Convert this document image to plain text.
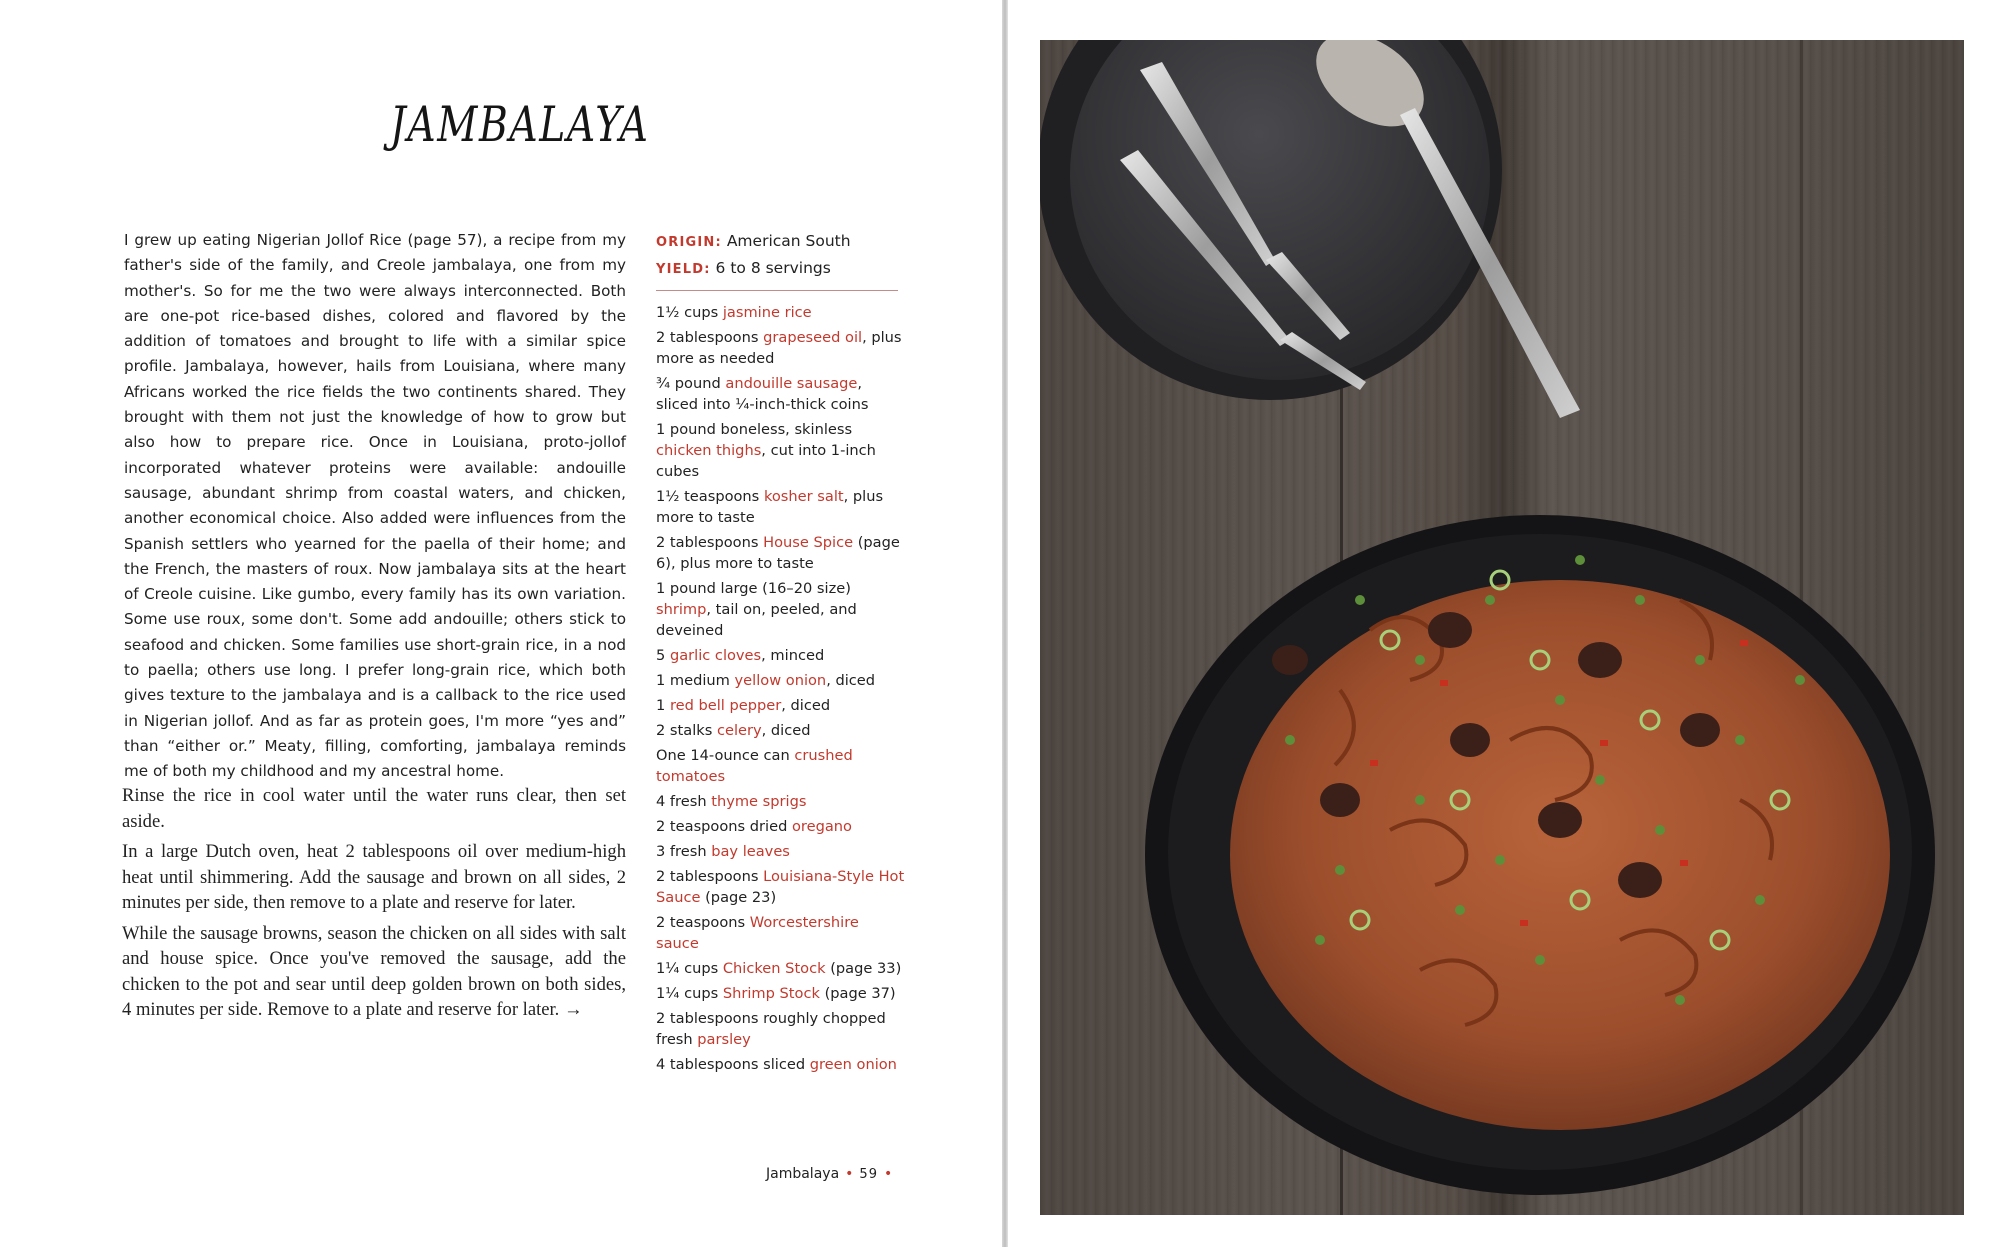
JAMBALAYA
I grew up eating Nigerian Jollof Rice (page 57), a recipe from my father's side of the family, and Creole jambalaya, one from my mother's. So for me the two were always interconnected. Both are one-pot rice-based dishes, colored and flavored by the addition of tomatoes and brought to life with a similar spice profile. Jambalaya, however, hails from Louisiana, where many Africans worked the rice fields the two continents shared. They brought with them not just the knowledge of how to grow but also how to prepare rice. Once in Louisiana, proto-jollof incorporated whatever proteins were available: andouille sausage, abundant shrimp from coastal waters, and chicken, another economical choice. Also added were influences from the Spanish settlers who yearned for the paella of their home; and the French, the masters of roux. Now jambalaya sits at the heart of Creole cuisine. Like gumbo, every family has its own variation. Some use roux, some don't. Some add andouille; others stick to seafood and chicken. Some families use short-grain rice, in a nod to paella; others use long. I prefer long-grain rice, which both gives texture to the jambalaya and is a callback to the rice used in Nigerian jollof. And as far as protein goes, I'm more “yes and” than “either or.” Meaty, filling, comforting, jambalaya reminds me of both my childhood and my ancestral home.
ORIGIN: American South
YIELD: 6 to 8 servings
1½ cups jasmine rice
2 tablespoons grapeseed oil, plus more as needed
¾ pound andouille sausage, sliced into ¼-inch-thick coins
1 pound boneless, skinless chicken thighs, cut into 1-inch cubes
1½ teaspoons kosher salt, plus more to taste
2 tablespoons House Spice (page 6), plus more to taste
1 pound large (16–20 size) shrimp, tail on, peeled, and deveined
5 garlic cloves, minced
1 medium yellow onion, diced
1 red bell pepper, diced
2 stalks celery, diced
One 14-ounce can crushed tomatoes
4 fresh thyme sprigs
2 teaspoons dried oregano
3 fresh bay leaves
2 tablespoons Louisiana-Style Hot Sauce (page 23)
2 teaspoons Worcestershire sauce
1¼ cups Chicken Stock (page 33)
1¼ cups Shrimp Stock (page 37)
2 tablespoons roughly chopped fresh parsley
4 tablespoons sliced green onion

Rinse the rice in cool water until the water runs clear, then set aside.

In a large Dutch oven, heat 2 tablespoons oil over medium-high heat until shimmering. Add the sausage and brown on all sides, 2 minutes per side, then remove to a plate and reserve for later.

While the sausage browns, season the chicken on all sides with salt and house spice. Once you've removed the sausage, add the chicken to the pot and sear until deep golden brown on both sides, 4 minutes per side. Remove to a plate and reserve for later. →

Jambalaya • 59 •
